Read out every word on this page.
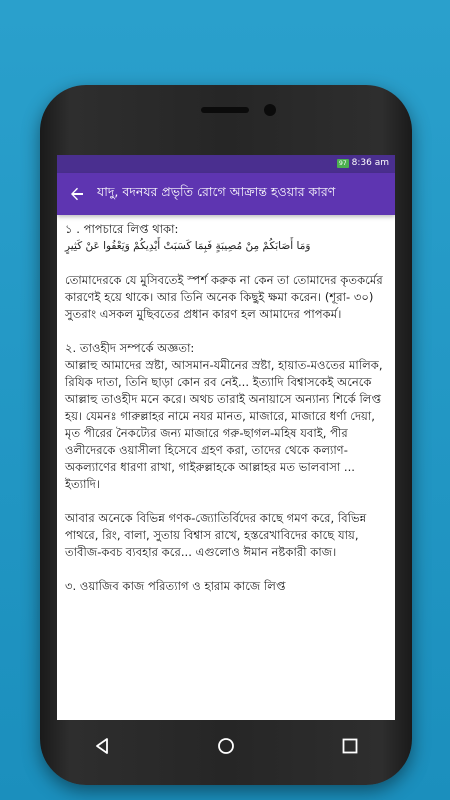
97 8:36 am
যাদু, বদনযর প্রভৃতি রোগে আক্রান্ত হওয়ার কারণ
১ . পাপচারে লিপ্ত থাকা:
وَمَا أَصَابَكُمْ مِنْ مُصِيبَةٍ فَبِمَا كَسَبَتْ أَيْدِيكُمْ وَيَعْفُوا عَنْ كَثِيرٍ

তোমাদেরকে যে মুসিবতেই স্পর্শ করুক না কেন তা তোমাদের কৃতকর্মের কারণেই হয়ে থাকে। আর তিনি অনেক কিছুই ক্ষমা করেন। (শূরা- ৩০) সুতরাং এসকল মুছিবতের প্রধান কারণ হল আমাদের পাপকর্ম।

২. তাওহীদ সম্পর্কে অজ্ঞতা:

আল্লাহু আমাদের স্রষ্টা, আসমান-যমীনের স্রষ্টা, হায়াত-মওতের মালিক, রিযিক দাতা, তিনি ছাড়া কোন রব নেই... ইত্যাদি বিশ্বাসকেই অনেকে আল্লাহু তাওহীদ মনে করে। অথচ তারাই অনায়াসে অন্যান্য শির্কে লিপ্ত হয়। যেমনঃ গারুল্লাহর নামে নযর মানত, মাজারে, মাজারে ধর্ণা দেয়া, মৃত পীরের নৈকট্যের জন্য মাজারে গরু-ছাগল-মহিষ যবাই, পীর ওলীদেরকে ওয়াসীলা হিসেবে গ্রহণ করা, তাদের থেকে কল্যাণ-অকল্যাণের ধারণা রাখা, গাইরুল্লাহকে আল্লাহর মত ভালবাসা ... ইত্যাদি।

আবার অনেকে বিভিন্ন গণক-জ্যোতির্বিদের কাছে গমণ করে, বিভিন্ন পাথরে, রিং, বালা, সুতায় বিশ্বাস রাখে, হস্তরেখাবিদের কাছে যায়, তাবীজ-কবচ ব্যবহার করে... এগুলোও ঈমান নষ্টকারী কাজ।

৩. ওয়াজিব কাজ পরিত্যাগ ও হারাম কাজে লিপ্ত
